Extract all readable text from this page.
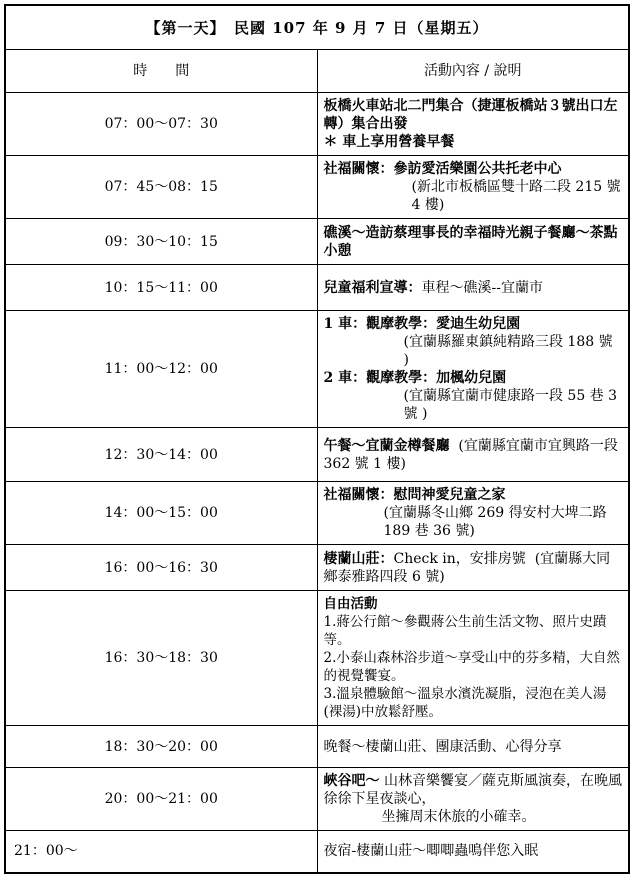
【第一天】　民國 107 年 9 月 7 日（星期五）	
時　　間	活動內容 / 說明
07：00～07：30	板橋火車站北二門集合（捷運板橋站３號出口左轉）集合出發
＊ 車上享用營養早餐

07：45～08：15	社福關懷：參訪愛活樂園公共托老中心
(新北市板橋區雙十路二段 215 號 4 樓)

09：30～10：15	礁溪～造訪蔡理事長的幸福時光親子餐廳～茶點小憩

10：15～11：00	兒童福利宣導：車程～礁溪--宜蘭市
11：00～12：00	1 車：觀摩教學：愛迪生幼兒園
(宜蘭縣羅東鎮純精路三段 188 號 )
2 車：觀摩教學：加楓幼兒園
(宜蘭縣宜蘭市健康路一段 55 巷 3 號 )

12：30～14：00	午餐～宜蘭金樽餐廳 (宜蘭縣宜蘭市宜興路一段 362 號 1 樓)
14：00～15：00	社福關懷：慰問神愛兒童之家
(宜蘭縣冬山鄉 269 得安村大埤二路 189 巷 36 號)

16：00～16：30	棲蘭山莊：Check in，安排房號 (宜蘭縣大同鄉泰雅路四段 6 號)
16：30～18：30	自由活動
1.蔣公行館～參觀蔣公生前生活文物、照片史蹟等。
2.小泰山森林浴步道～享受山中的芬多精，大自然的視覺饗宴。
3.溫泉體驗館～溫泉水濱洗凝脂，浸泡在美人湯(裸湯)中放鬆舒壓。

18：30～20：00	晚餐～棲蘭山莊、團康活動、心得分享

20：00～21：00	峽谷吧～ 山林音樂饗宴／薩克斯風演奏，在晚風徐徐下星夜談心，
坐擁周末休旅的小確幸。

21：00～	夜宿-棲蘭山莊～唧唧蟲鳴伴您入眠
